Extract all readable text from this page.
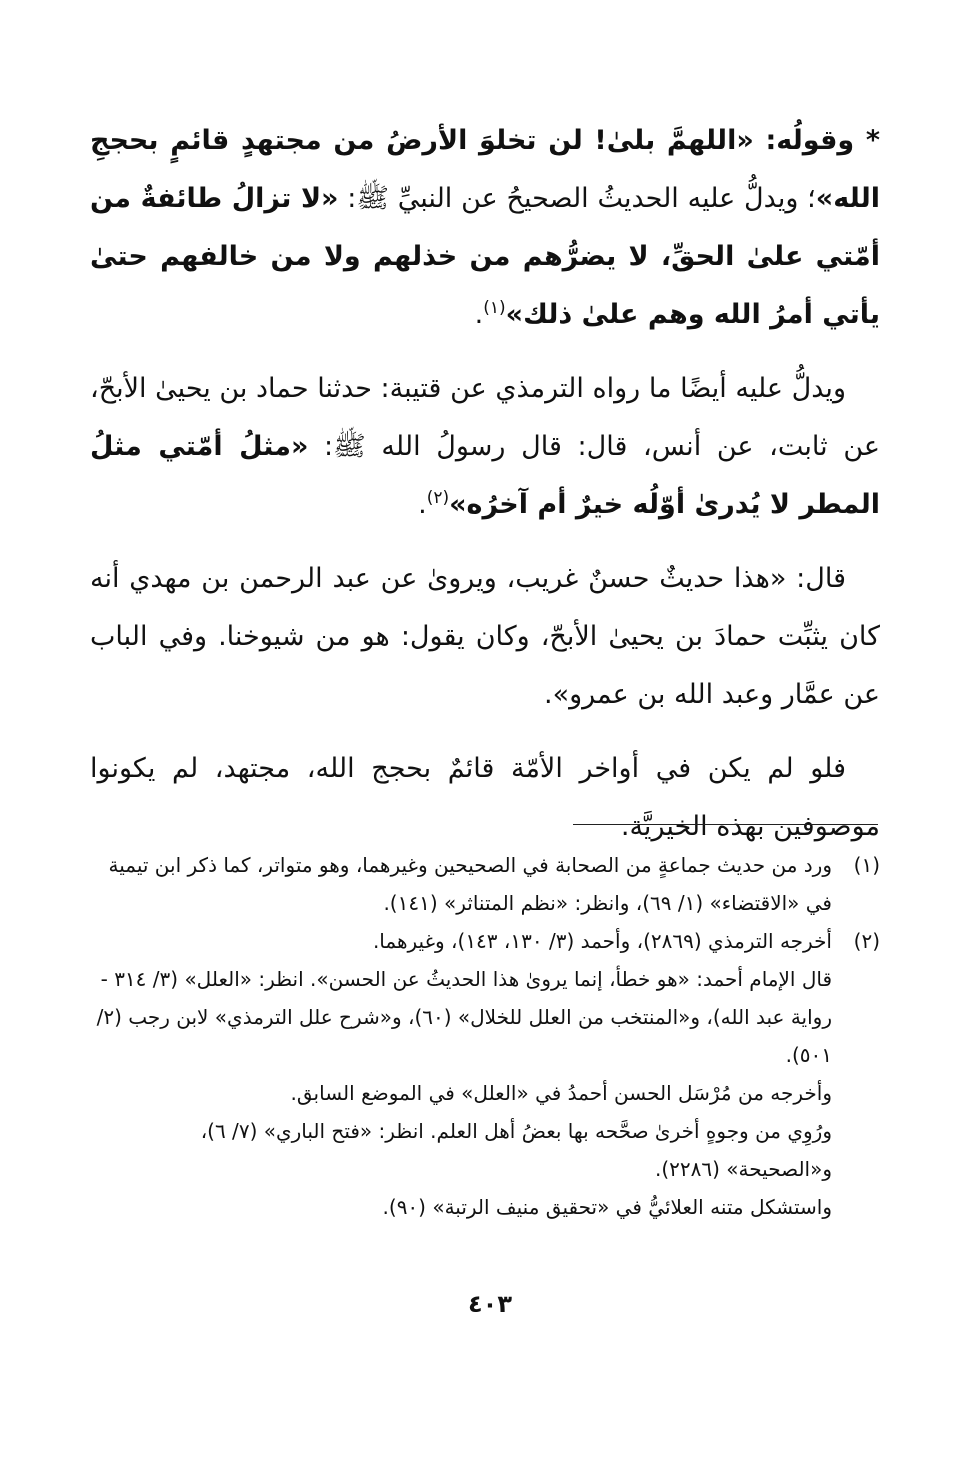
* وقولُه: «اللهمَّ بلىٰ! لن تخلوَ الأرضُ من مجتهدٍ قائمٍ بحججِ الله»؛ ويدلُّ عليه الحديثُ الصحيحُ عن النبيِّ ﷺ: «لا تزالُ طائفةٌ من أمّتي علىٰ الحقِّ، لا يضرُّهم من خذلهم ولا من خالفهم حتىٰ يأتي أمرُ الله وهم علىٰ ذلك»$^{(١)}$.

ويدلُّ عليه أيضًا ما رواه الترمذي عن قتيبة: حدثنا حماد بن يحيىٰ الأبحّ، عن ثابت، عن أنس، قال: قال رسولُ الله ﷺ: «مثلُ أمّتي مثلُ المطر لا يُدرىٰ أوّلُه خيرٌ أم آخرُه»$^{(٢)}$.

قال: «هذا حديثٌ حسنٌ غريب، ويروىٰ عن عبد الرحمن بن مهدي أنه كان يثبِّت حمادَ بن يحيىٰ الأبحّ، وكان يقول: هو من شيوخنا. وفي الباب عن عمَّار وعبد الله بن عمرو».

فلو لم يكن في أواخر الأمّة قائمٌ بحجج الله، مجتهد، لم يكونوا موصوفين بهذه الخيريَّة.

(١)
ورد من حديث جماعةٍ من الصحابة في الصحيحين وغيرهما، وهو متواتر، كما ذكر ابن تيمية في «الاقتضاء» (١/ ٦٩)، وانظر: «نظم المتناثر» (١٤١).
(٢)
أخرجه الترمذي (٢٨٦٩)، وأحمد (٣/ ١٣٠، ١٤٣)، وغيرهما.
قال الإمام أحمد: «هو خطأ، إنما يروىٰ هذا الحديثُ عن الحسن». انظر: «العلل» (٣/ ٣١٤ - رواية عبد الله)، و«المنتخب من العلل للخلال» (٦٠)، و«شرح علل الترمذي» لابن رجب (٢/ ٥٠١).
وأخرجه من مُرْسَل الحسن أحمدُ في «العلل» في الموضع السابق.
ورُوِي من وجوهٍ أخرىٰ صحَّحه بها بعضُ أهل العلم. انظر: «فتح الباري» (٧/ ٦)، و«الصحيحة» (٢٢٨٦).
واستشكل متنه العلائيُّ في «تحقيق منيف الرتبة» (٩٠).
٤٠٣
